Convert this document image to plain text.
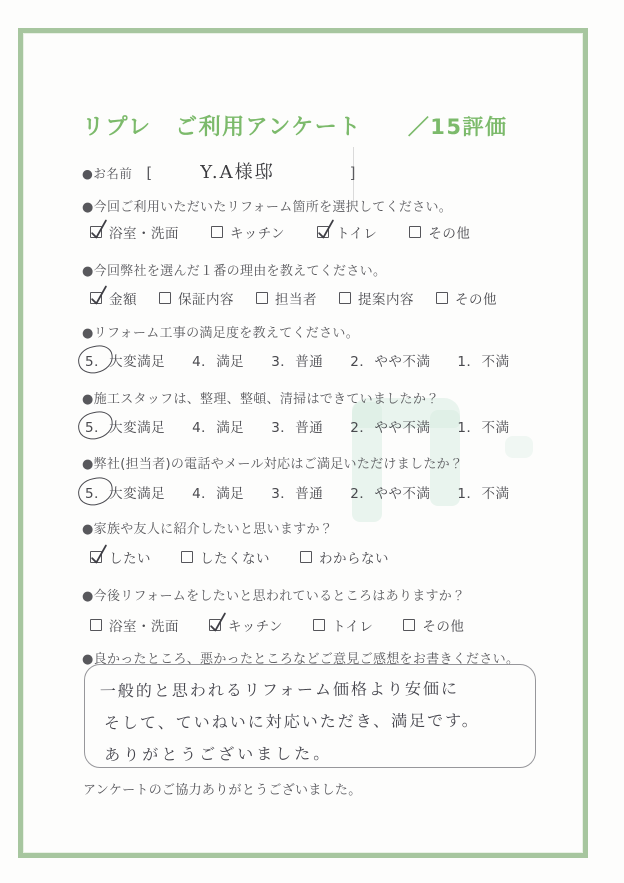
リプレ　ご利用アンケート ／15評価
●お名前 [	Y.A様邸	]
●今回ご利用いただいたリフォーム箇所を選択してください。
浴室・洗面	キッチン	トイレ	その他
●今回弊社を選んだ１番の理由を教えてください。
金額	保証内容	担当者	提案内容	その他
●リフォーム工事の満足度を教えてください。
5． 大変満足 4． 満足 3． 普通 2． やや不満 1． 不満
●施工スタッフは、整理、整頓、清掃はできていましたか？
5． 大変満足 4． 満足 3． 普通 2． やや不満 1． 不満
●弊社(担当者)の電話やメール対応はご満足いただけましたか？
5． 大変満足 4． 満足 3． 普通 2． やや不満 1． 不満
●家族や友人に紹介したいと思いますか？
したい	したくない	わからない
●今後リフォームをしたいと思われているところはありますか？
浴室・洗面	キッチン	トイレ	その他
●良かったところ、悪かったところなどご意見ご感想をお書きください。
一般的と思われるリフォーム価格より安価に
そして、ていねいに対応いただき、満足です。
ありがとうございました。
アンケートのご協力ありがとうございました。
